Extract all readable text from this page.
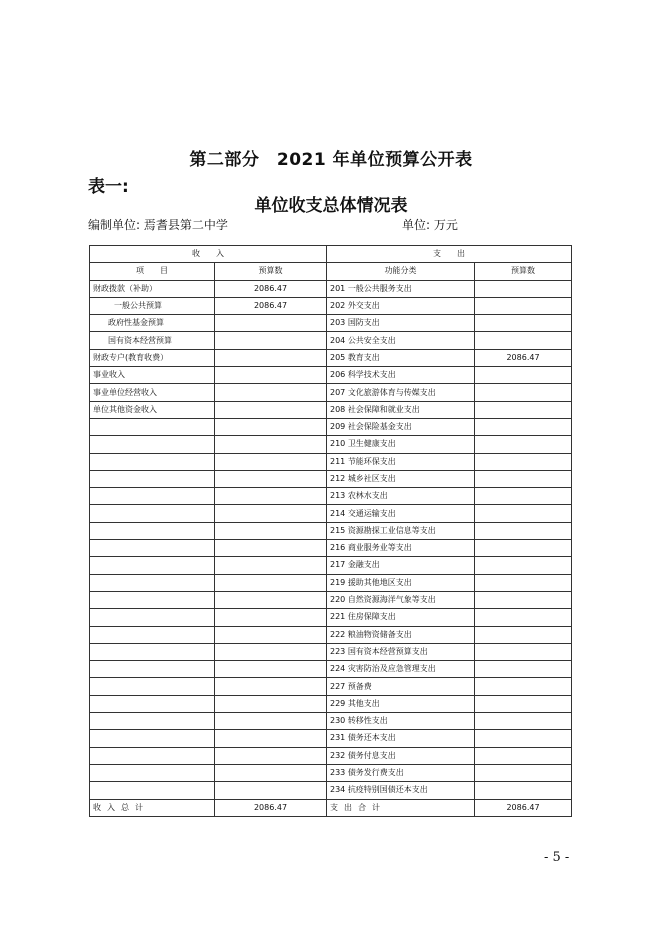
第二部分　2021 年单位预算公开表
表一:
单位收支总体情况表
编制单位: 焉耆县第二中学	单位: 万元
收　　入		支　　出	
项　　目	预算数	功能分类	预算数
财政拨款（补助）	2086.47	201 一般公共服务支出	
一般公共预算	2086.47	202 外交支出	
政府性基金预算		203 国防支出	
国有资本经营预算		204 公共安全支出	
财政专户(教育收费）		205 教育支出	2086.47
事业收入		206 科学技术支出	
事业单位经营收入		207 文化旅游体育与传媒支出	
单位其他资金收入		208 社会保障和就业支出	
		209 社会保险基金支出	
		210 卫生健康支出	
		211 节能环保支出	
		212 城乡社区支出	
		213 农林水支出	
		214 交通运输支出	
		215 资源勘探工业信息等支出	
		216 商业服务业等支出	
		217 金融支出	
		219 援助其他地区支出	
		220 自然资源海洋气象等支出	
		221 住房保障支出	
		222 粮油物资储备支出	
		223 国有资本经营预算支出	
		224 灾害防治及应急管理支出	
		227 预备费	
		229 其他支出	
		230 转移性支出	
		231 债务还本支出	
		232 债务付息支出	
		233 债务发行费支出	
		234 抗疫特别国债还本支出	
收入总计	2086.47	支出合计	2086.47
- 5 -
